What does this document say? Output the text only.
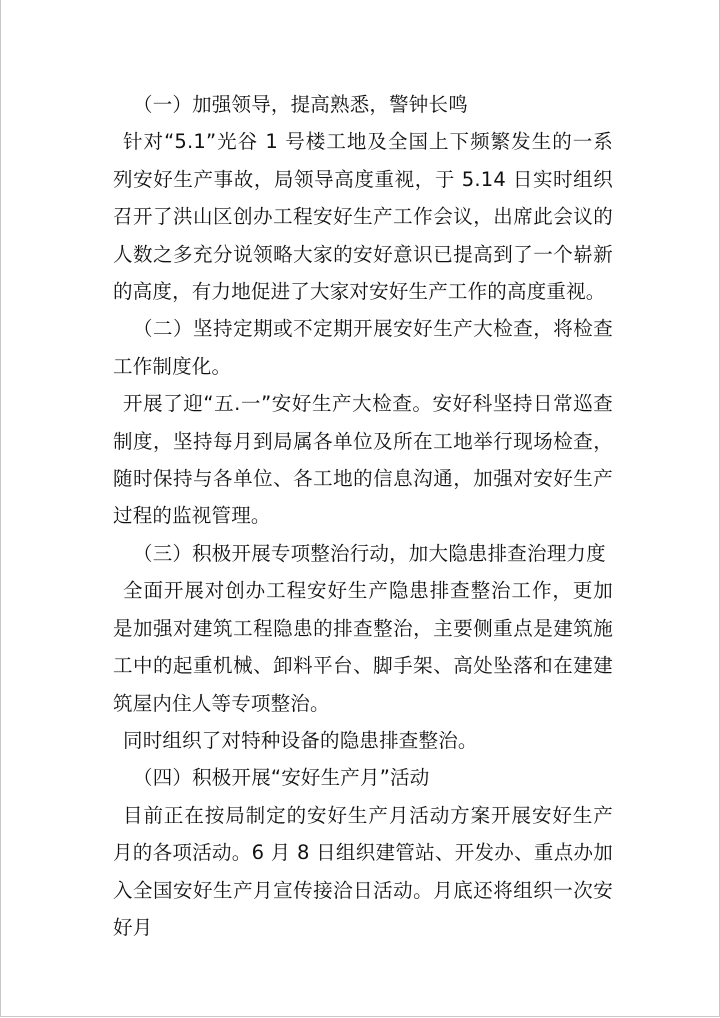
（一）加强领导，提高熟悉，警钟长鸣

针对“5.1”光谷 1 号楼工地及全国上下频繁发生的一系列安好生产事故，局领导高度重视，于 5.14 日实时组织召开了洪山区创办工程安好生产工作会议，出席此会议的人数之多充分说领略大家的安好意识已提高到了一个崭新的高度，有力地促进了大家对安好生产工作的高度重视。

（二）坚持定期或不定期开展安好生产大检查，将检查工作制度化。

开展了迎“五.一”安好生产大检查。安好科坚持日常巡查制度，坚持每月到局属各单位及所在工地举行现场检查，随时保持与各单位、各工地的信息沟通，加强对安好生产过程的监视管理。

（三）积极开展专项整治行动，加大隐患排查治理力度

全面开展对创办工程安好生产隐患排查整治工作，更加是加强对建筑工程隐患的排查整治，主要侧重点是建筑施工中的起重机械、卸料平台、脚手架、高处坠落和在建建筑屋内住人等专项整治。

同时组织了对特种设备的隐患排查整治。

（四）积极开展“安好生产月”活动

目前正在按局制定的安好生产月活动方案开展安好生产月的各项活动。6 月 8 日组织建管站、开发办、重点办加入全国安好生产月宣传接洽日活动。月底还将组织一次安好月
